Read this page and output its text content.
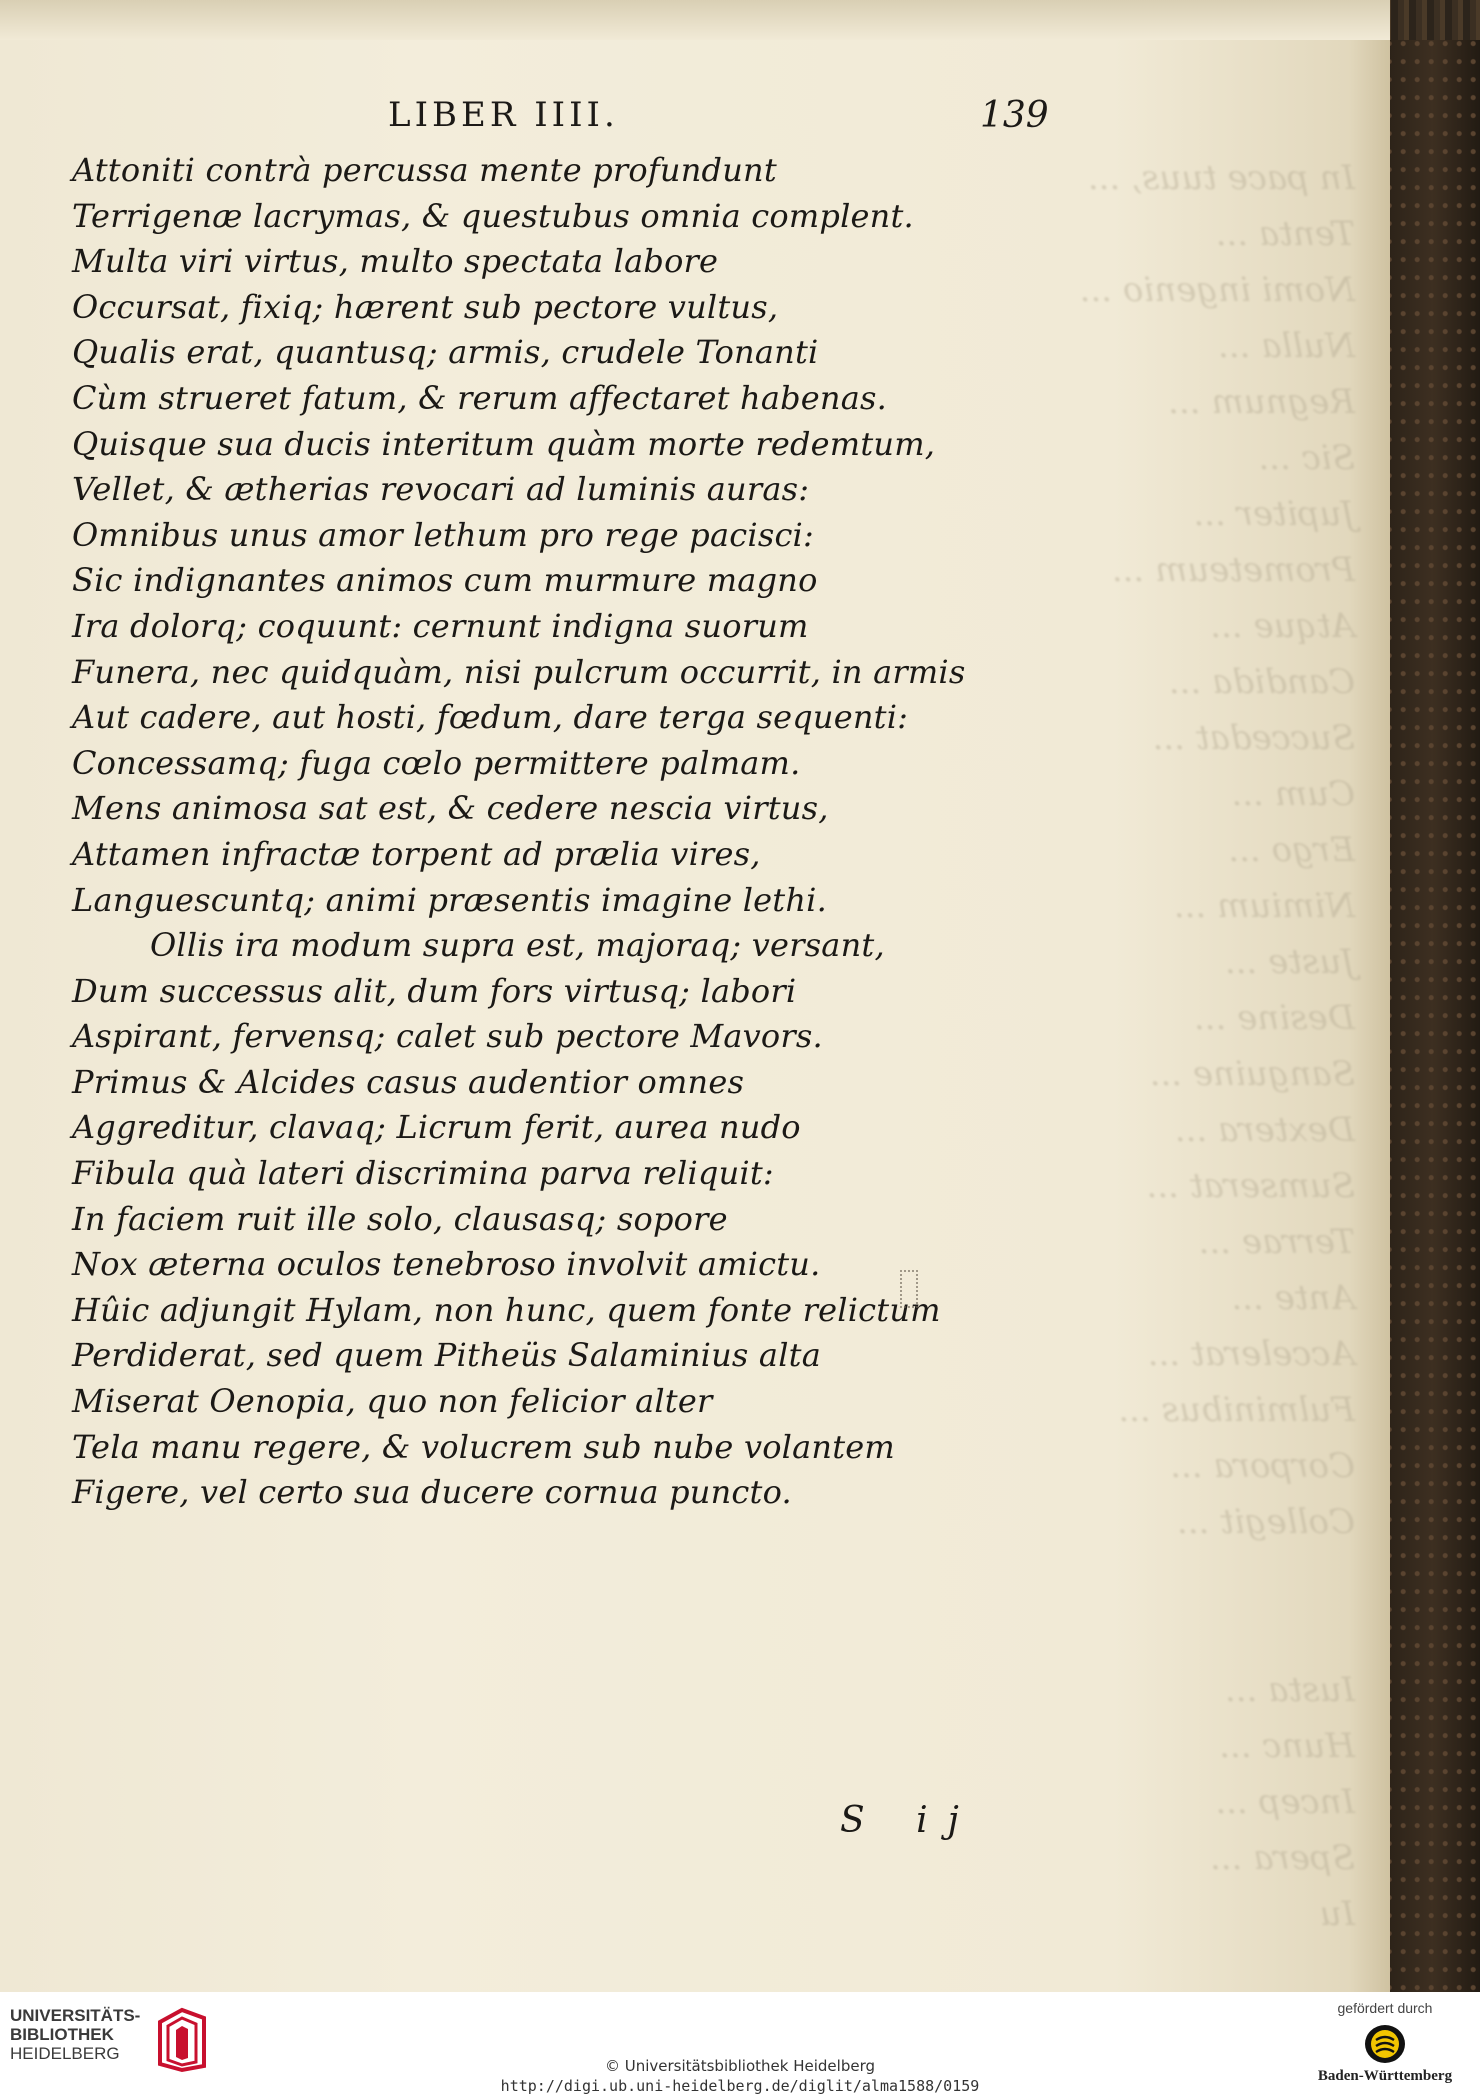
In pace tuus, ...
Tenta ...
Nomi ingenio ...
Nulla ...
Regnum ...
Sic ...
Jupiter ...
Prometeum ...
Atque ...
Candida ...
Succedat ...
Cum ...
Ergo ...
Nimium ...
Juste ...
Desine ...
Sanguine ...
Dextera ...
Sumserat ...
Terrae ...
Ante ...
Accelerat ...
Fulminibus ...
Corpora ...
Collegit ...

Iusta ...
Hunc ...
Incep ...
Spera ...
Iu
LIBER IIII.	139
Attoniti contrà percussa mente profundunt
Terrigenæ lacrymas, & questubus omnia complent.
Multa viri virtus, multo spectata labore
Occursat, fixiq; hærent sub pectore vultus,
Qualis erat, quantusq; armis, crudele Tonanti
Cùm strueret fatum, & rerum affectaret habenas.
Quisque sua ducis interitum quàm morte redemtum,
Vellet, & ætherias revocari ad luminis auras:
Omnibus unus amor lethum pro rege pacisci:
Sic indignantes animos cum murmure magno
Ira dolorq; coquunt: cernunt indigna suorum
Funera, nec quidquàm, nisi pulcrum occurrit, in armis
Aut cadere, aut hosti, fœdum, dare terga sequenti:
Concessamq; fuga cœlo permittere palmam.
Mens animosa sat est, & cedere nescia virtus,
Attamen infractæ torpent ad prælia vires,
Languescuntq; animi præsentis imagine lethi.
Ollis ira modum supra est, majoraq; versant,
Dum successus alit, dum fors virtusq; labori
Aspirant, fervensq; calet sub pectore Mavors.
Primus & Alcides casus audentior omnes
Aggreditur, clavaq; Licrum ferit, aurea nudo
Fibula quà lateri discrimina parva reliquit:
In faciem ruit ille solo, clausasq; sopore
Nox æterna oculos tenebroso involvit amictu.
Hûic adjungit Hylam, non hunc, quem fonte relictum
Perdiderat, sed quem Pitheüs Salaminius alta
Miserat Oenopia, quo non felicior alter
Tela manu regere, & volucrem sub nube volantem
Figere, vel certo sua ducere cornua puncto.
S ij
UNIVERSITÄTS-
BIBLIOTHEK
HEIDELBERG
© Universitätsbibliothek Heidelberg
http://digi.ub.uni-heidelberg.de/diglit/alma1588/0159
gefördert durch
Baden-Württemberg
